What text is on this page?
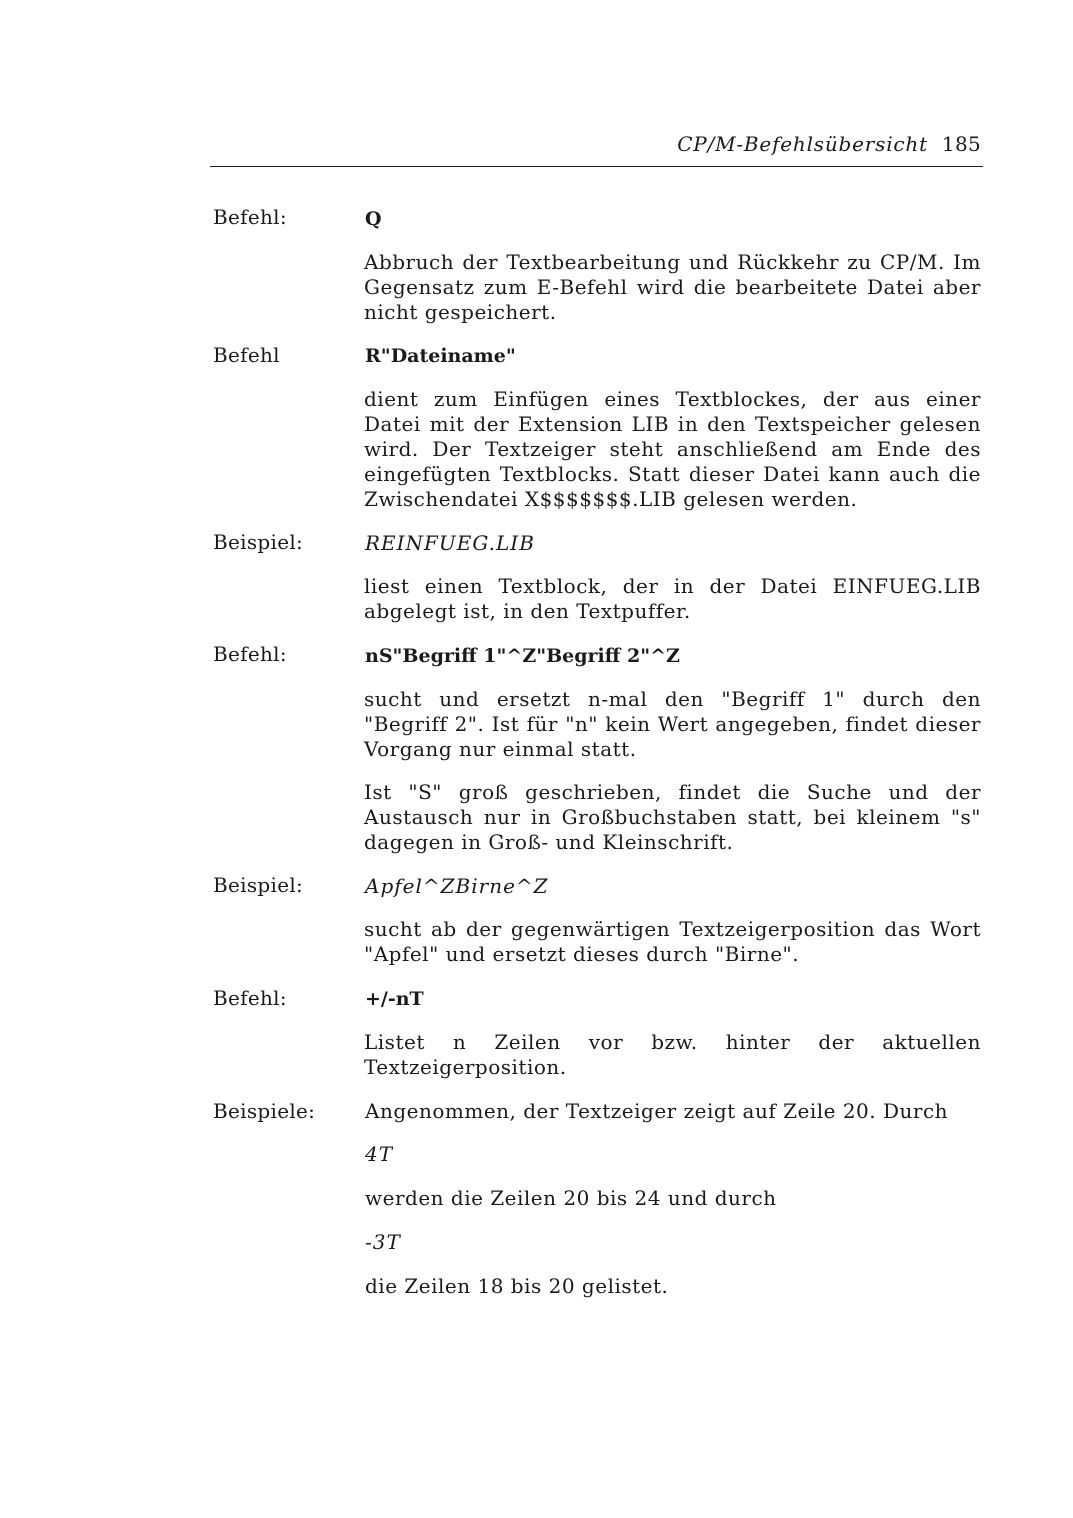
CP/M-Befehlsübersicht 185
Befehl:	Q
Abbruch der Textbearbeitung und Rückkehr zu CP/M. Im Gegensatz zum E-Befehl wird die bearbeitete Datei aber nicht gespeichert.
Befehl	R"Dateiname"
dient zum Einfügen eines Textblockes, der aus einer Datei mit der Extension LIB in den Textspeicher gelesen wird. Der Textzeiger steht anschließend am Ende des eingefügten Textblocks. Statt dieser Datei kann auch die Zwischendatei X$$$$$$$.LIB gelesen werden.
Beispiel:	REINFUEG.LIB
liest einen Textblock, der in der Datei EINFUEG.LIB abgelegt ist, in den Textpuffer.
Befehl:	nS"Begriff 1"^Z"Begriff 2"^Z
sucht und ersetzt n-mal den "Begriff 1" durch den "Begriff 2". Ist für "n" kein Wert angegeben, findet dieser Vorgang nur einmal statt.
Ist "S" groß geschrieben, findet die Suche und der Austausch nur in Großbuchstaben statt, bei kleinem "s" dagegen in Groß- und Kleinschrift.
Beispiel:	Apfel^ZBirne^Z
sucht ab der gegenwärtigen Textzeigerposition das Wort "Apfel" und ersetzt dieses durch "Birne".
Befehl:	+/-nT
Listet n Zeilen vor bzw. hinter der aktuellen Textzeigerposition.
Beispiele: Angenommen, der Textzeiger zeigt auf Zeile 20. Durch
4T
werden die Zeilen 20 bis 24 und durch
-3T
die Zeilen 18 bis 20 gelistet.
